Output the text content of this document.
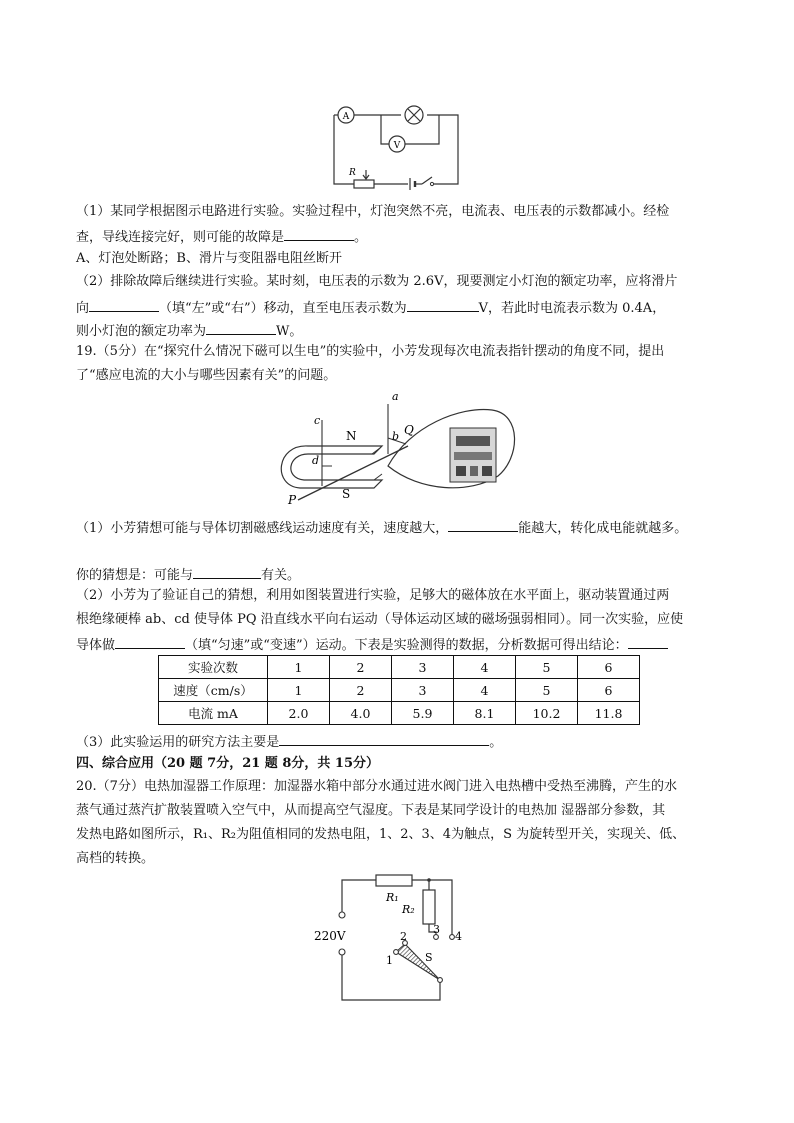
A
V
R
（1）某同学根据图示电路进行实验。实验过程中，灯泡突然不亮，电流表、电压表的示数都减小。经检
查，导线连接完好，则可能的故障是	。
A、灯泡处断路；B、滑片与变阻器电阻丝断开
（2）排除故障后继续进行实验。某时刻，电压表的示数为 2.6V，现要测定小灯泡的额定功率，应将滑片
向	（填“左”或“右”）移动，直至电压表示数为	V，若此时电流表示数为 0.4A，
则小灯泡的额定功率为	W。
19.（5分）在“探究什么情况下磁可以生电”的实验中，小芳发现每次电流表指针摆动的角度不同，提出
了“感应电流的大小与哪些因素有关”的问题。
c
a
N	b Q
d
S
P
（1）小芳猜想可能与导体切割磁感线运动速度有关，速度越大，	能越大，转化成电能就越多。
你的猜想是：可能与	有关。
（2）小芳为了验证自己的猜想，利用如图装置进行实验，足够大的磁体放在水平面上，驱动装置通过两
根绝缘硬棒 ab、cd 使导体 PQ 沿直线水平向右运动（导体运动区域的磁场强弱相同）。同一次实验，应使
导体做	（填“匀速”或“变速”）运动。下表是实验测得的数据，分析数据可得出结论：
实验次数	1	2	3	4	5	6
速度（cm/s）	1	2	3	4	5	6
电流 mA	2.0	4.0	5.9	8.1	10.2	11.8
（3）此实验运用的研究方法主要是	。
四、综合应用（20 题 7分，21 题 8分，共 15分）
20.（7分）电热加湿器工作原理：加湿器水箱中部分水通过进水阀门进入电热槽中受热至沸腾，产生的水
蒸气通过蒸汽扩散装置喷入空气中，从而提高空气湿度。下表是某同学设计的电热加 湿器部分参数，其
发热电路如图所示，R₁、R₂为阻值相同的发热电阻，1、2、3、4为触点，S 为旋转型开关，实现关、低、
高档的转换。
220V
R₁
R₂
1
2
3
4
S
